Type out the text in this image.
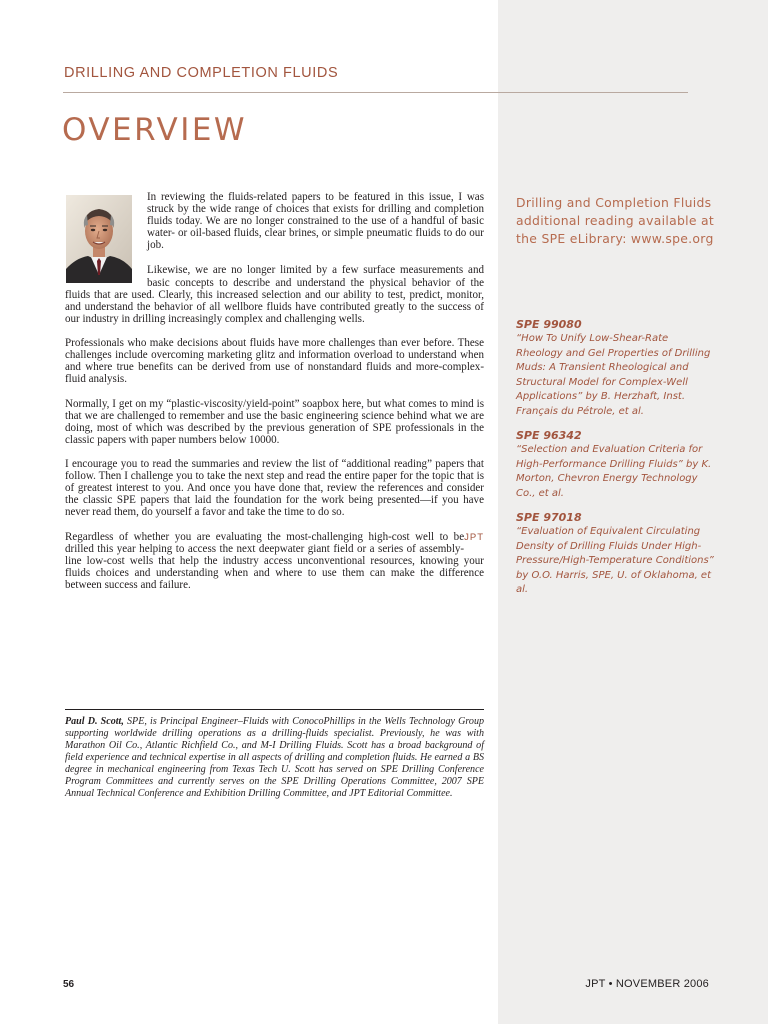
DRILLING AND COMPLETION FLUIDS
OVERVIEW

In reviewing the fluids-related papers to be featured in this issue, I was struck by the wide range of choices that exists for drilling and completion fluids today. We are no longer constrained to the use of a handful of basic water- or oil-based fluids, clear brines, or simple pneumatic fluids to do our job.

Likewise, we are no longer limited by a few surface measurements and basic concepts to describe and understand the physical behavior of the fluids that are used. Clearly, this increased selection and our ability to test, predict, monitor, and understand the behavior of all wellbore fluids have contributed greatly to the success of our industry in drilling increasingly complex and challenging wells.

Professionals who make decisions about fluids have more challenges than ever before. These challenges include overcoming marketing glitz and information overload to understand when and where true benefits can be derived from use of nonstandard fluids and more-complex-fluid analysis.

Normally, I get on my “plastic-viscosity/yield-point” soapbox here, but what comes to mind is that we are challenged to remember and use the basic engineering science behind what we are doing, most of which was described by the previous generation of SPE professionals in the classic papers with paper numbers below 10000.

I encourage you to read the summaries and review the list of “additional reading” papers that follow. Then I challenge you to take the next step and read the entire paper for the topic that is of greatest interest to you. And once you have done that, review the references and consider the classic SPE papers that laid the foundation for the work being presented—if you have never read them, do yourself a favor and take the time to do so.

JPT
Regardless of whether you are evaluating the most-challenging high-cost well to be drilled this year helping to access the next deepwater giant field or a series of assembly-line low-cost wells that help the industry access unconventional resources, knowing your fluids choices and understanding when and where to use them can make the difference between success and failure.

Paul D. Scott, SPE, is Principal Engineer–Fluids with ConocoPhillips in the Wells Technology Group supporting worldwide drilling operations as a drilling-fluids specialist. Previously, he was with Marathon Oil Co., Atlantic Richfield Co., and M-I Drilling Fluids. Scott has a broad background of field experience and technical expertise in all aspects of drilling and completion fluids. He earned a BS degree in mechanical engineering from Texas Tech U. Scott has served on SPE Drilling Conference Program Committees and currently serves on the SPE Drilling Operations Committee, 2007 SPE Annual Technical Conference and Exhibition Drilling Committee, and JPT Editorial Committee.

Drilling and Completion Fluids additional reading available at the SPE eLibrary: www.spe.org

SPE 99080
“How To Unify Low-Shear-Rate Rheology and Gel Properties of Drilling Muds: A Transient Rheological and Structural Model for Complex-Well Applications” by B. Herzhaft, Inst. Français du Pétrole, et al.
SPE 96342
“Selection and Evaluation Criteria for High-Performance Drilling Fluids” by K. Morton, Chevron Energy Technology Co., et al.
SPE 97018
“Evaluation of Equivalent Circulating Density of Drilling Fluids Under High-Pressure/High-Temperature Conditions” by O.O. Harris, SPE, U. of Oklahoma, et al.
56	JPT • NOVEMBER 2006
